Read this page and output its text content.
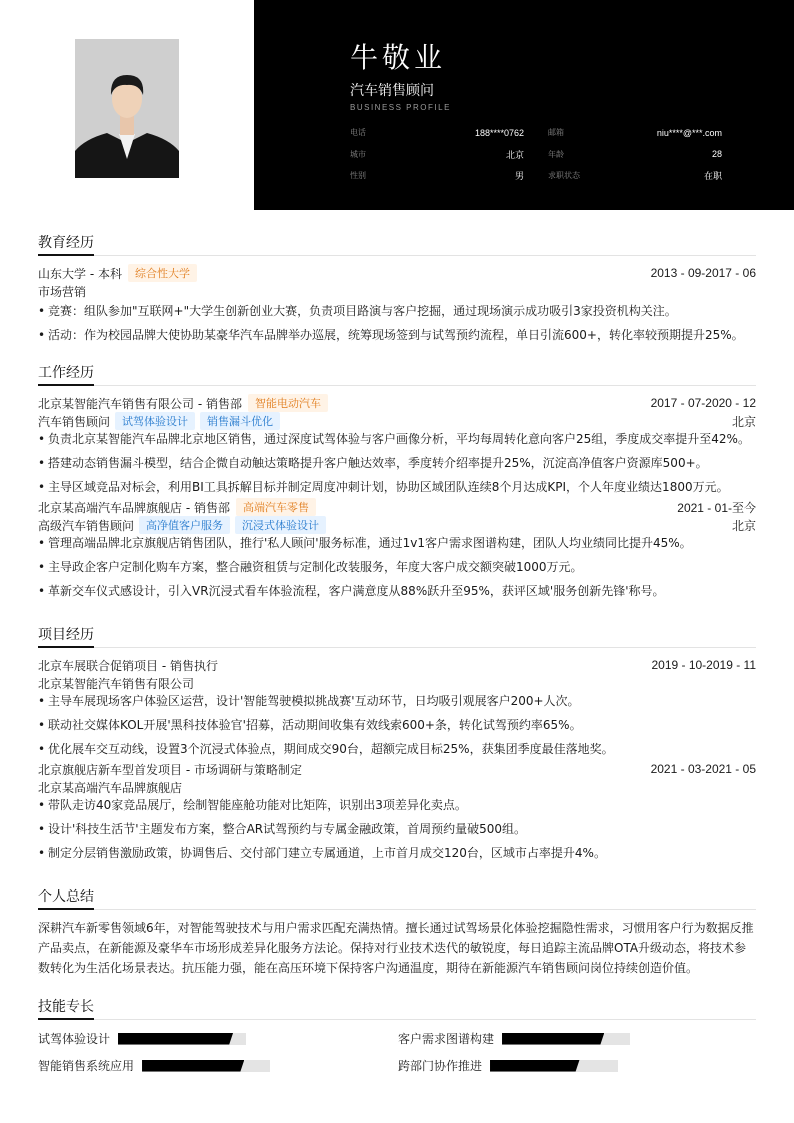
牛敬业
汽车销售顾问
BUSINESS PROFILE
电话	188****0762	邮箱	niu****@***.com
城市	北京	年龄	28
性别	男	求职状态	在职
教育经历
山东大学 - 本科	综合性大学	2013 - 09-2017 - 06
市场营销
• 竞赛：组队参加"互联网+"大学生创新创业大赛，负责项目路演与客户挖掘，通过现场演示成功吸引3家投资机构关注。
• 活动：作为校园品牌大使协助某豪华汽车品牌举办巡展，统筹现场签到与试驾预约流程，单日引流600+，转化率较预期提升25%。
工作经历
北京某智能汽车销售有限公司 - 销售部	智能电动汽车	2017 - 07-2020 - 12
汽车销售顾问	试驾体验设计	销售漏斗优化	北京
• 负责北京某智能汽车品牌北京地区销售，通过深度试驾体验与客户画像分析，平均每周转化意向客户25组，季度成交率提升至42%。
• 搭建动态销售漏斗模型，结合企微自动触达策略提升客户触达效率，季度转介绍率提升25%，沉淀高净值客户资源库500+。
• 主导区域竞品对标会，利用BI工具拆解目标并制定周度冲刺计划，协助区域团队连续8个月达成KPI，个人年度业绩达1800万元。
北京某高端汽车品牌旗舰店 - 销售部	高端汽车零售	2021 - 01-至今
高级汽车销售顾问	高净值客户服务	沉浸式体验设计	北京
• 管理高端品牌北京旗舰店销售团队，推行'私人顾问'服务标准，通过1v1客户需求图谱构建，团队人均业绩同比提升45%。
• 主导政企客户定制化购车方案，整合融资租赁与定制化改装服务，年度大客户成交额突破1000万元。
• 革新交车仪式感设计，引入VR沉浸式看车体验流程，客户满意度从88%跃升至95%，获评区域'服务创新先锋'称号。
项目经历
北京车展联合促销项目 - 销售执行	2019 - 10-2019 - 11
北京某智能汽车销售有限公司
• 主导车展现场客户体验区运营，设计'智能驾驶模拟挑战赛'互动环节，日均吸引观展客户200+人次。
• 联动社交媒体KOL开展'黑科技体验官'招募，活动期间收集有效线索600+条，转化试驾预约率65%。
• 优化展车交互动线，设置3个沉浸式体验点，期间成交90台，超额完成目标25%，获集团季度最佳落地奖。
北京旗舰店新车型首发项目 - 市场调研与策略制定	2021 - 03-2021 - 05
北京某高端汽车品牌旗舰店
• 带队走访40家竞品展厅，绘制智能座舱功能对比矩阵，识别出3项差异化卖点。
• 设计'科技生活节'主题发布方案，整合AR试驾预约与专属金融政策，首周预约量破500组。
• 制定分层销售激励政策，协调售后、交付部门建立专属通道，上市首月成交120台，区域市占率提升4%。
个人总结
深耕汽车新零售领域6年，对智能驾驶技术与用户需求匹配充满热情。擅长通过试驾场景化体验挖掘隐性需求，习惯用客户行为数据反推产品卖点，在新能源及豪华车市场形成差异化服务方法论。保持对行业技术迭代的敏锐度，每日追踪主流品牌OTA升级动态，将技术参数转化为生活化场景表达。抗压能力强，能在高压环境下保持客户沟通温度，期待在新能源汽车销售顾问岗位持续创造价值。
技能专长
试驾体验设计	客户需求图谱构建
智能销售系统应用	跨部门协作推进
